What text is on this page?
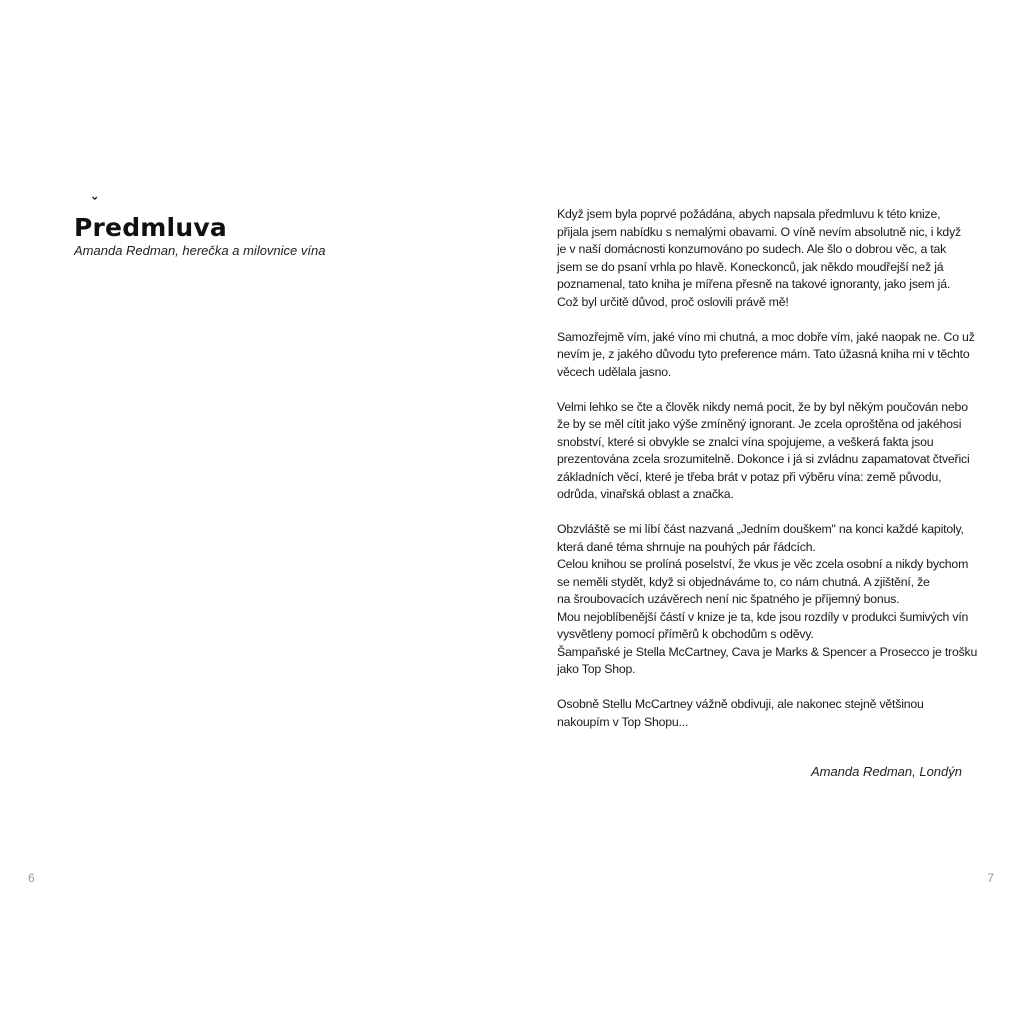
ˇ
Predmluva

Amanda Redman, herečka a milovnice vína

6

Když jsem byla poprvé požádána, abych napsala předmluvu k této knize,
přijala jsem nabídku s nemalými obavami. O víně nevím absolutně nic, i když
je v naší domácnosti konzumováno po sudech. Ale šlo o dobrou věc, a tak
jsem se do psaní vrhla po hlavě. Koneckonců, jak někdo moudřejší než já
poznamenal, tato kniha je mířena přesně na takové ignoranty, jako jsem já.
Což byl určitě důvod, proč oslovili právě mě!

Samozřejmě vím, jaké víno mi chutná, a moc dobře vím, jaké naopak ne. Co už
nevím je, z jakého důvodu tyto preference mám. Tato úžasná kniha mi v těchto
věcech udělala jasno.

Velmi lehko se čte a člověk nikdy nemá pocit, že by byl někým poučován nebo
že by se měl cítit jako výše zmíněný ignorant. Je zcela oproštěna od jakéhosi
snobství, které si obvykle se znalci vína spojujeme, a veškerá fakta jsou
prezentována zcela srozumitelně. Dokonce i já si zvládnu zapamatovat čtveřici
základních věcí, které je třeba brát v potaz při výběru vína: země původu,
odrůda, vinařská oblast a značka.

Obzvláště se mi líbí část nazvaná „Jedním douškem" na konci každé kapitoly,
která dané téma shrnuje na pouhých pár řádcích.
Celou knihou se prolíná poselství, že vkus je věc zcela osobní a nikdy bychom
se neměli stydět, když si objednáváme to, co nám chutná. A zjištění, že
na šroubovacích uzávěrech není nic špatného je příjemný bonus.
Mou nejoblíbenější částí v knize je ta, kde jsou rozdíly v produkci šumivých vín
vysvětleny pomocí příměrů k obchodům s oděvy.
Šampaňské je Stella McCartney, Cava je Marks & Spencer a Prosecco je trošku
jako Top Shop.

Osobně Stellu McCartney vážně obdivuji, ale nakonec stejně většinou
nakoupím v Top Shopu...

Amanda Redman, Londýn

7
